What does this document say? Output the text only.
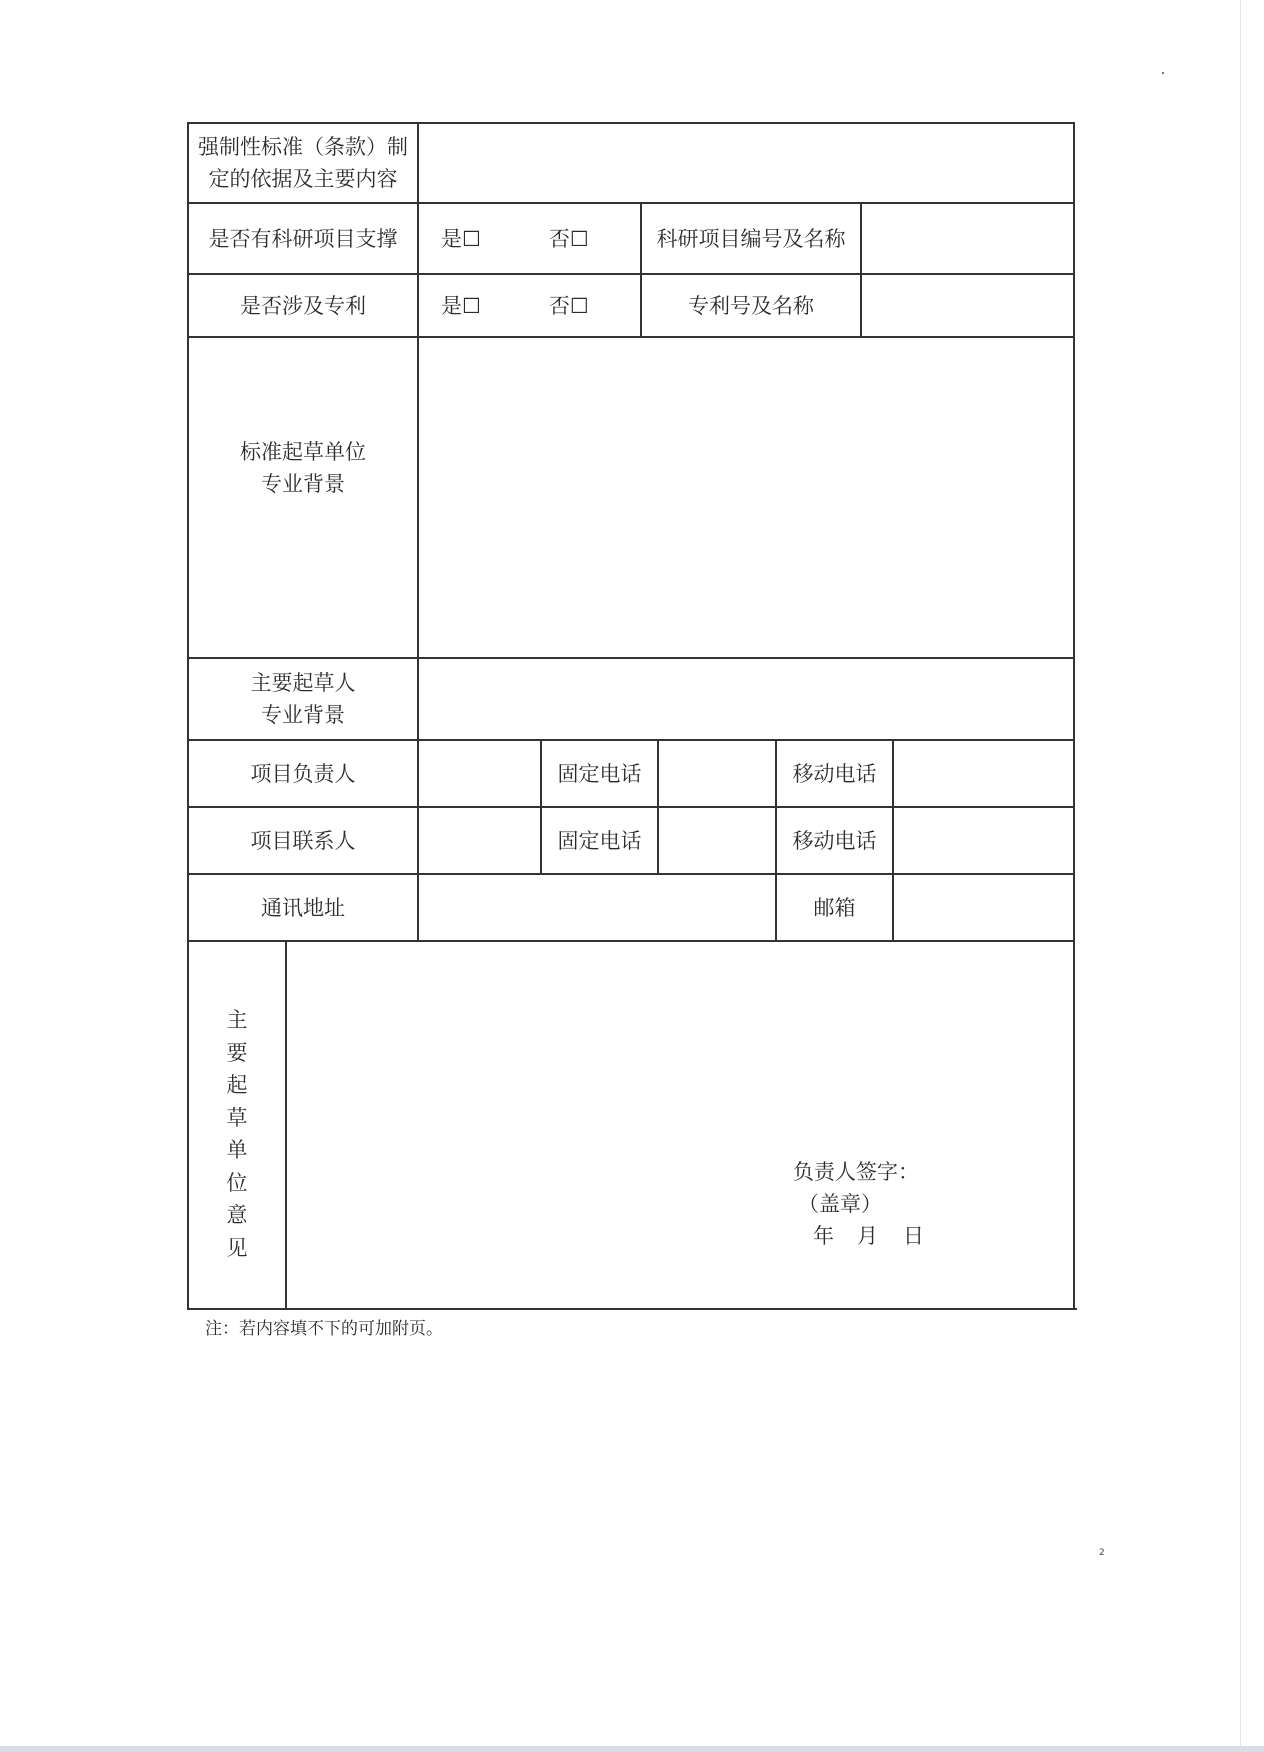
强制性标准（条款）制
定的依据及主要内容
是否有科研项目支撑	是☐	否☐	科研项目编号及名称
是否涉及专利	是☐	否☐	专利号及名称
标准起草单位
专业背景
主要起草人
专业背景
项目负责人	固定电话	移动电话
项目联系人	固定电话	移动电话
通讯地址	邮箱
主
要
起
草
单
位
意
见
负责人签字：
（盖章）
年 月 日
注：若内容填不下的可加附页。
2
